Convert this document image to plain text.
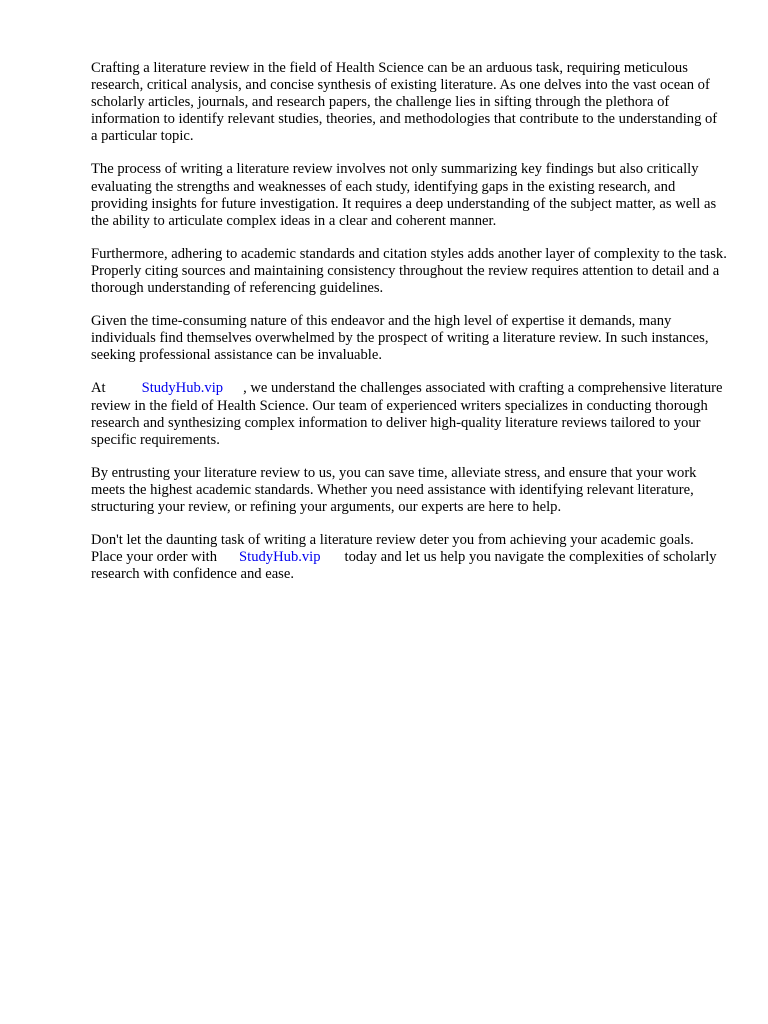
Crafting a literature review in the field of Health Science can be an arduous task, requiring meticulous research, critical analysis, and concise synthesis of existing literature. As one delves into the vast ocean of scholarly articles, journals, and research papers, the challenge lies in sifting through the plethora of information to identify relevant studies, theories, and methodologies that contribute to the understanding of a particular topic.

The process of writing a literature review involves not only summarizing key findings but also critically evaluating the strengths and weaknesses of each study, identifying gaps in the existing research, and providing insights for future investigation. It requires a deep understanding of the subject matter, as well as the ability to articulate complex ideas in a clear and coherent manner.

Furthermore, adhering to academic standards and citation styles adds another layer of complexity to the task. Properly citing sources and maintaining consistency throughout the review requires attention to detail and a thorough understanding of referencing guidelines.

Given the time-consuming nature of this endeavor and the high level of expertise it demands, many individuals find themselves overwhelmed by the prospect of writing a literature review. In such instances, seeking professional assistance can be invaluable.

At StudyHub.vip , we understand the challenges associated with crafting a comprehensive literature review in the field of Health Science. Our team of experienced writers specializes in conducting thorough research and synthesizing complex information to deliver high-quality literature reviews tailored to your specific requirements.

By entrusting your literature review to us, you can save time, alleviate stress, and ensure that your work meets the highest academic standards. Whether you need assistance with identifying relevant literature, structuring your review, or refining your arguments, our experts are here to help.

Don't let the daunting task of writing a literature review deter you from achieving your academic goals. Place your order with StudyHub.vip today and let us help you navigate the complexities of scholarly research with confidence and ease.
